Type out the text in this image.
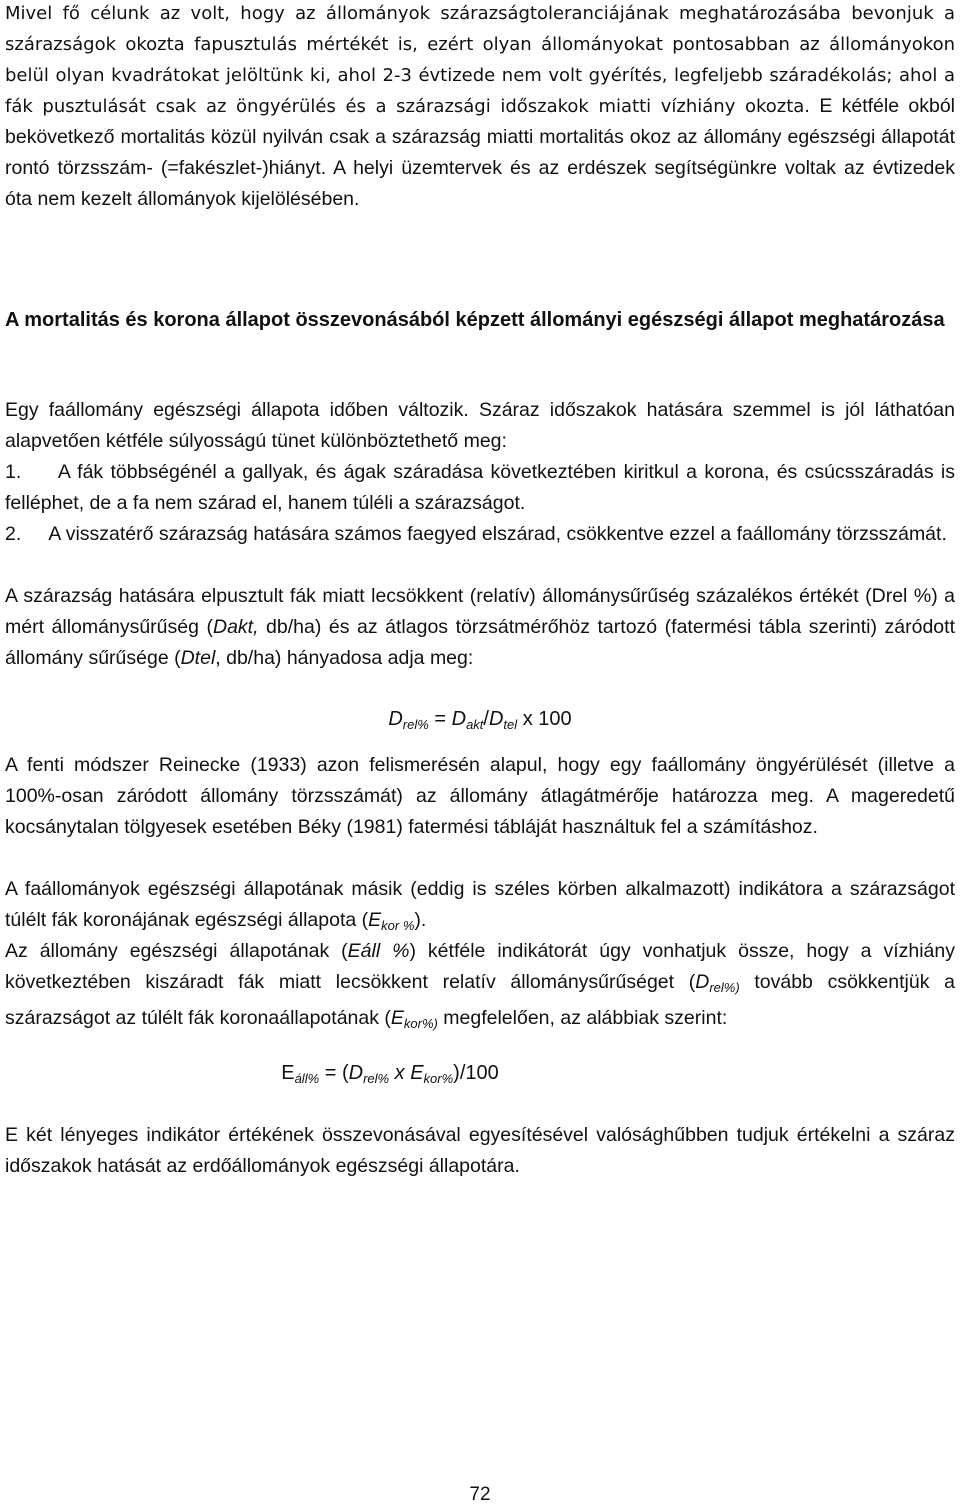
Mivel fő célunk az volt, hogy az állományok szárazságtoleranciájának meghatározásába bevonjuk a szárazságok okozta fapusztulás mértékét is, ezért olyan állományokat pontosabban az állományokon belül olyan kvadrátokat jelöltünk ki, ahol 2-3 évtizede nem volt gyérítés, legfeljebb száradékolás; ahol a fák pusztulását csak az öngyérülés és a szárazsági időszakok miatti vízhiány okozta. E kétféle okból bekövetkező mortalitás közül nyilván csak a szárazság miatti mortalitás okoz az állomány egészségi állapotát rontó törzsszám- (=fakészlet-)hiányt. A helyi üzemtervek és az erdészek segítségünkre voltak az évtizedek óta nem kezelt állományok kijelölésében.

A mortalitás és korona állapot összevonásából képzett állományi egészségi állapot meghatározása

Egy faállomány egészségi állapota időben változik. Száraz időszakok hatására szemmel is jól láthatóan alapvetően kétféle súlyosságú tünet különböztethető meg:

1. A fák többségénél a gallyak, és ágak száradása következtében kiritkul a korona, és csúcsszáradás is felléphet, de a fa nem szárad el, hanem túléli a szárazságot.

2. A visszatérő szárazság hatására számos faegyed elszárad, csökkentve ezzel a faállomány törzsszámát.

A szárazság hatására elpusztult fák miatt lecsökkent (relatív) állománysűrűség százalékos értékét (Drel %) a mért állománysűrűség (Dakt, db/ha) és az átlagos törzsátmérőhöz tartozó (fatermési tábla szerinti) záródott állomány sűrűsége (Dtel, db/ha) hányadosa adja meg:

$D_{rel\%} = D_{akt}/D_{tel}$ x 100

A fenti módszer Reinecke (1933) azon felismerésén alapul, hogy egy faállomány öngyérülését (illetve a 100%-osan záródott állomány törzsszámát) az állomány átlagátmérője határozza meg. A mageredetű kocsánytalan tölgyesek esetében Béky (1981) fatermési tábláját használtuk fel a számításhoz.

A faállományok egészségi állapotának másik (eddig is széles körben alkalmazott) indikátora a szárazságot túlélt fák koronájának egészségi állapota $(E_{kor \%})$.

Az állomány egészségi állapotának (Eáll %) kétféle indikátorát úgy vonhatjuk össze, hogy a vízhiány következtében kiszáradt fák miatt lecsökkent relatív állománysűrűséget ($D_{rel\%)}$ tovább csökkentjük a szárazságot az túlélt fák koronaállapotának ($E_{kor\%)}$ megfelelően, az alábbiak szerint:

$E_{áll\%} = (D_{rel\%}$ x $E_{kor\%})/100$

E két lényeges indikátor értékének összevonásával egyesítésével valósághűbben tudjuk értékelni a száraz időszakok hatását az erdőállományok egészségi állapotára.

72
